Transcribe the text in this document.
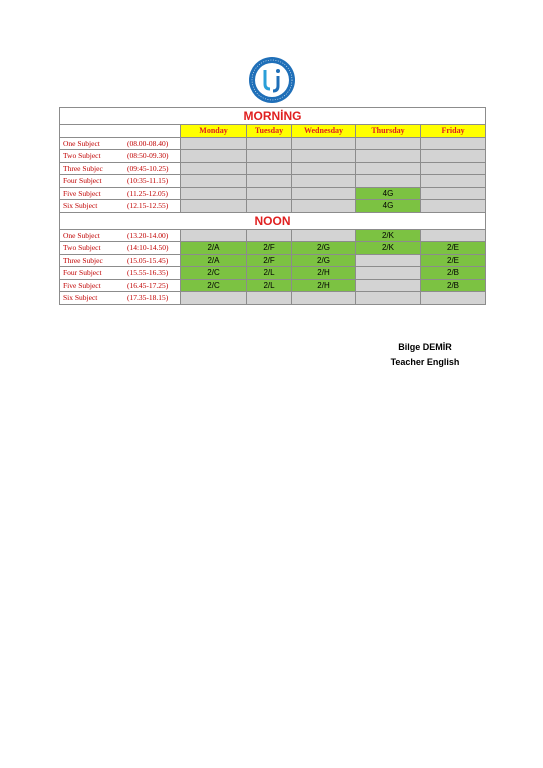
MORNİNG					
	Monday	Tuesday	Wednesday	Thursday	Friday
One Subject (08.00-08.40)					
Two Subject (08:50-09.30)					
Three Subjec (09:45-10.25)					
Four Subject (10:35-11.15)					
Five Subject (11.25-12.05)				4G	
Six Subject (12.15-12.55)				4G	
NOON					
One Subject (13.20-14.00)				2/K	
Two Subject (14:10-14.50)	2/A	2/F	2/G	2/K	2/E
Three Subjec (15.05-15.45)	2/A	2/F	2/G		2/E
Four Subject (15.55-16.35)	2/C	2/L	2/H		2/B
Five Subject (16.45-17.25)	2/C	2/L	2/H		2/B
Six Subject (17.35-18.15)					
Bilge DEMİR
Teacher English
